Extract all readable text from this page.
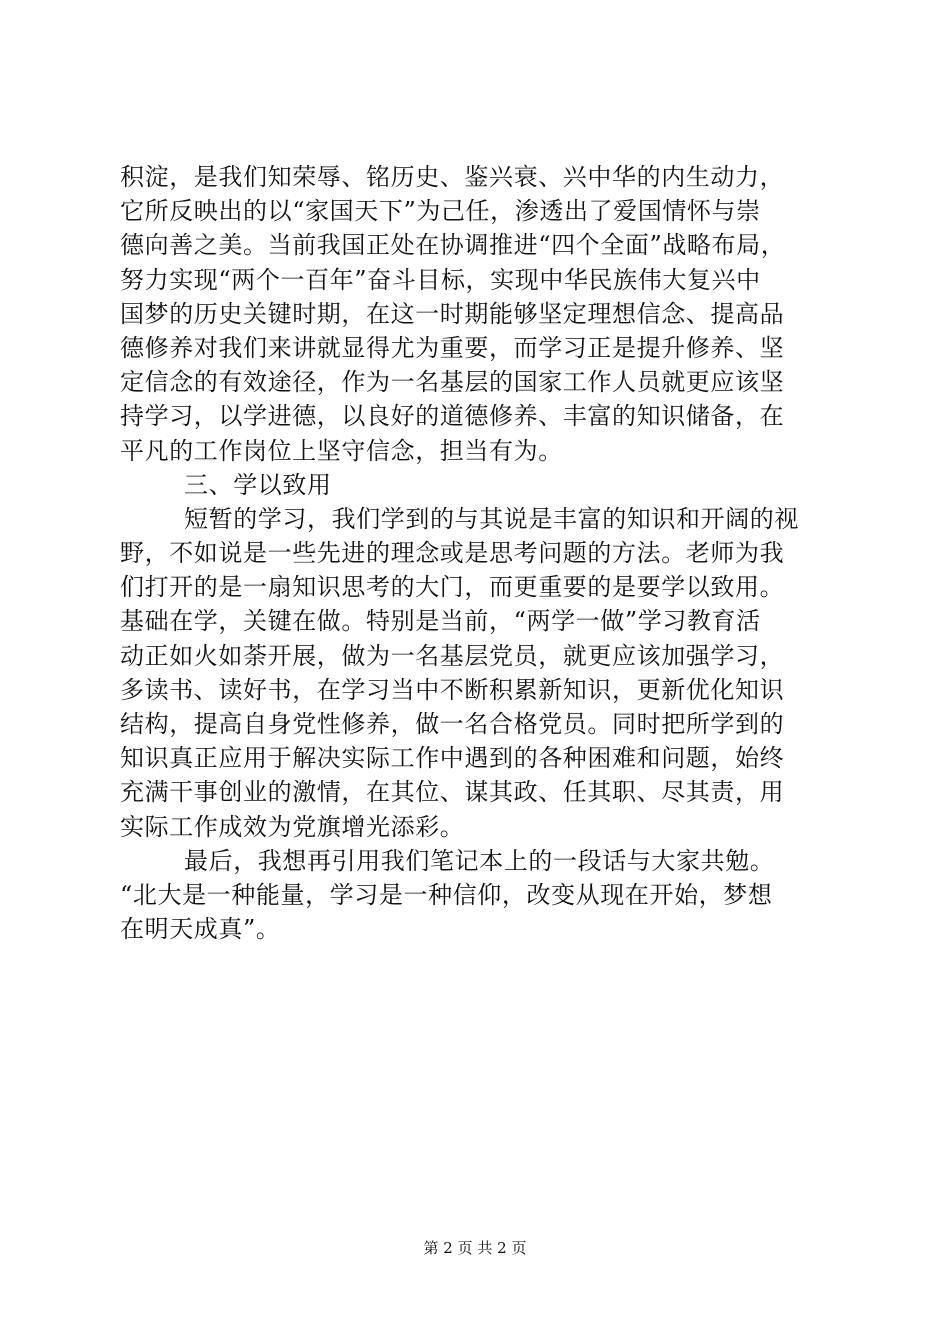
积淀，是我们知荣辱、铭历史、鉴兴衰、兴中华的内生动力，
它所反映出的以“家国天下”为己任，渗透出了爱国情怀与崇
德向善之美。当前我国正处在协调推进“四个全面”战略布局，
努力实现“两个一百年”奋斗目标，实现中华民族伟大复兴中
国梦的历史关键时期，在这一时期能够坚定理想信念、提高品
德修养对我们来讲就显得尤为重要，而学习正是提升修养、坚
定信念的有效途径，作为一名基层的国家工作人员就更应该坚
持学习，以学进德，以良好的道德修养、丰富的知识储备，在
平凡的工作岗位上坚守信念，担当有为。
三、学以致用
短暂的学习，我们学到的与其说是丰富的知识和开阔的视
野，不如说是一些先进的理念或是思考问题的方法。老师为我
们打开的是一扇知识思考的大门，而更重要的是要学以致用。
基础在学，关键在做。特别是当前，“两学一做”学习教育活
动正如火如荼开展，做为一名基层党员，就更应该加强学习，
多读书、读好书，在学习当中不断积累新知识，更新优化知识
结构，提高自身党性修养，做一名合格党员。同时把所学到的
知识真正应用于解决实际工作中遇到的各种困难和问题，始终
充满干事创业的激情，在其位、谋其政、任其职、尽其责，用
实际工作成效为党旗增光添彩。
最后，我想再引用我们笔记本上的一段话与大家共勉。
“北大是一种能量，学习是一种信仰，改变从现在开始，梦想
在明天成真”。
第 2 页 共 2 页
